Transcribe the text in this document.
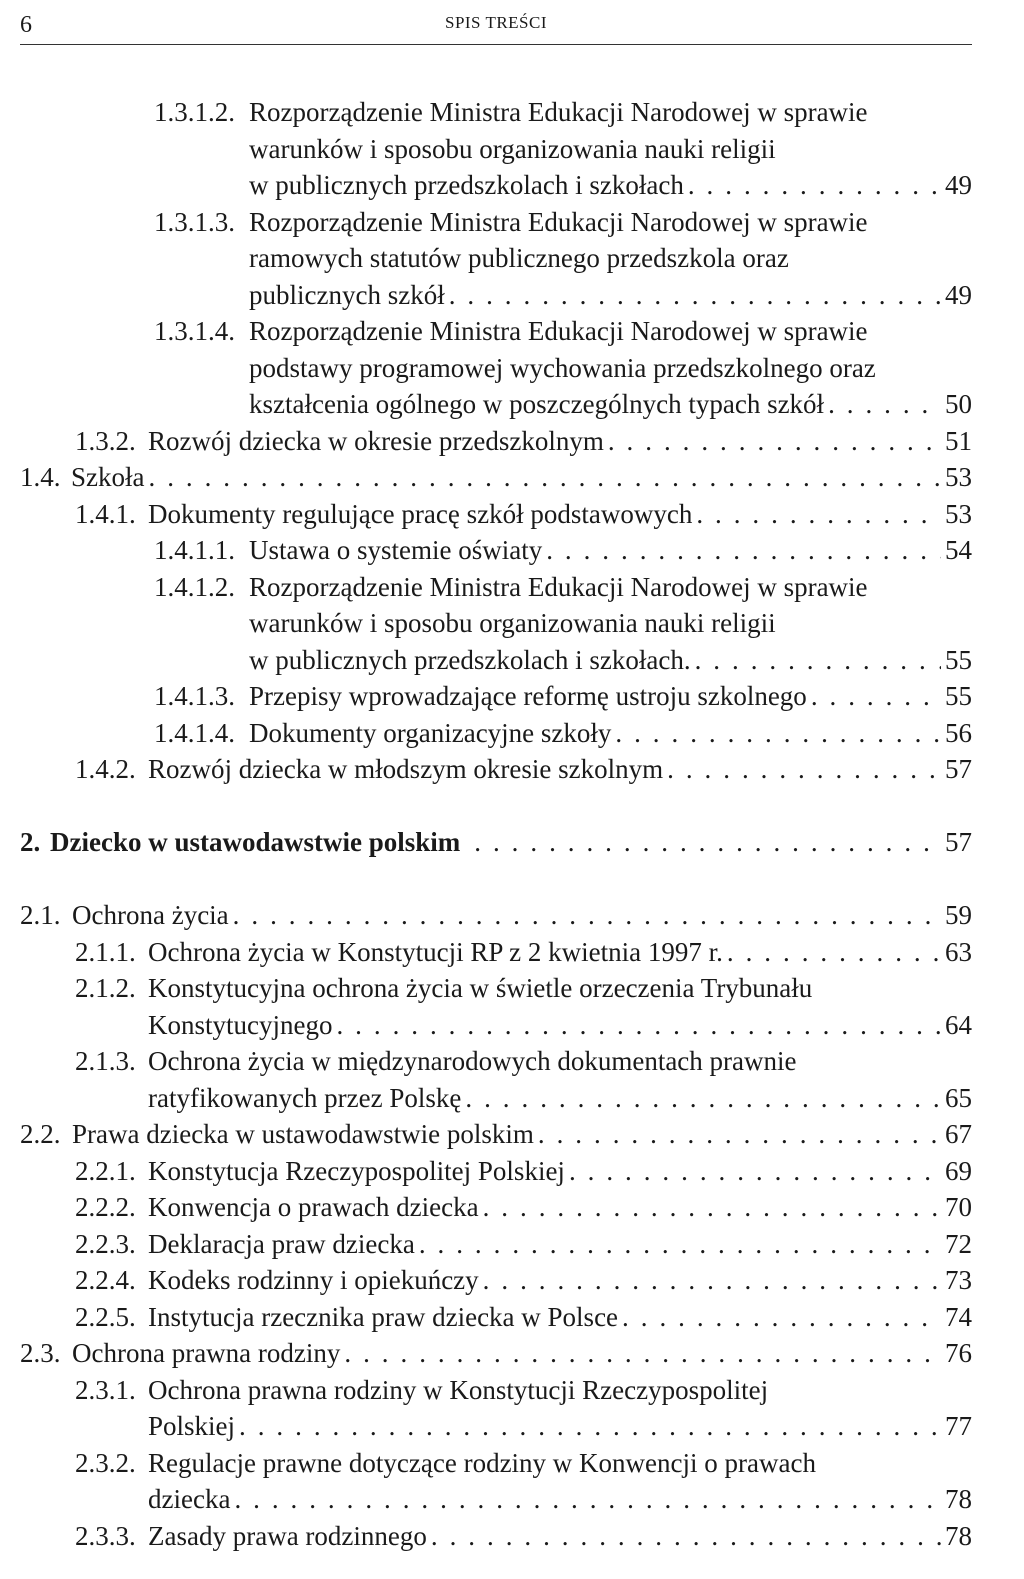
6	SPIS TREŚCI
1.3.1.2. Rozporządzenie Ministra Edukacji Narodowej w sprawie
warunków i sposobu organizowania nauki religii
w publicznych przedszkolach i szkołach . . .	49
1.3.1.3. Rozporządzenie Ministra Edukacji Narodowej w sprawie
ramowych statutów publicznego przedszkola oraz
publicznych szkół . . .	49
1.3.1.4. Rozporządzenie Ministra Edukacji Narodowej w sprawie
podstawy programowej wychowania przedszkolnego oraz
kształcenia ogólnego w poszczególnych typach szkół . . .	50
1.3.2. Rozwój dziecka w okresie przedszkolnym . . .	51
1.4. Szkoła . . .	53
1.4.1. Dokumenty regulujące pracę szkół podstawowych . . .	53
1.4.1.1. Ustawa o systemie oświaty . . .	54
1.4.1.2. Rozporządzenie Ministra Edukacji Narodowej w sprawie
warunków i sposobu organizowania nauki religii
w publicznych przedszkolach i szkołach. . . .	55
1.4.1.3. Przepisy wprowadzające reformę ustroju szkolnego . . .	55
1.4.1.4. Dokumenty organizacyjne szkoły . . .	56
1.4.2. Rozwój dziecka w młodszym okresie szkolnym . . .	57
2. Dziecko w ustawodawstwie polskim . . .	57
2.1. Ochrona życia . . .	59
2.1.1. Ochrona życia w Konstytucji RP z 2 kwietnia 1997 r. . . .	63
2.1.2. Konstytucyjna ochrona życia w świetle orzeczenia Trybunału
Konstytucyjnego . . .	64
2.1.3. Ochrona życia w międzynarodowych dokumentach prawnie
ratyfikowanych przez Polskę . . .	65
2.2. Prawa dziecka w ustawodawstwie polskim . . .	67
2.2.1. Konstytucja Rzeczypospolitej Polskiej . . .	69
2.2.2. Konwencja o prawach dziecka . . .	70
2.2.3. Deklaracja praw dziecka . . .	72
2.2.4. Kodeks rodzinny i opiekuńczy . . .	73
2.2.5. Instytucja rzecznika praw dziecka w Polsce . . .	74
2.3. Ochrona prawna rodziny . . .	76
2.3.1. Ochrona prawna rodziny w Konstytucji Rzeczypospolitej
Polskiej . . .	77
2.3.2. Regulacje prawne dotyczące rodziny w Konwencji o prawach
dziecka . . .	78
2.3.3. Zasady prawa rodzinnego . . .	78
